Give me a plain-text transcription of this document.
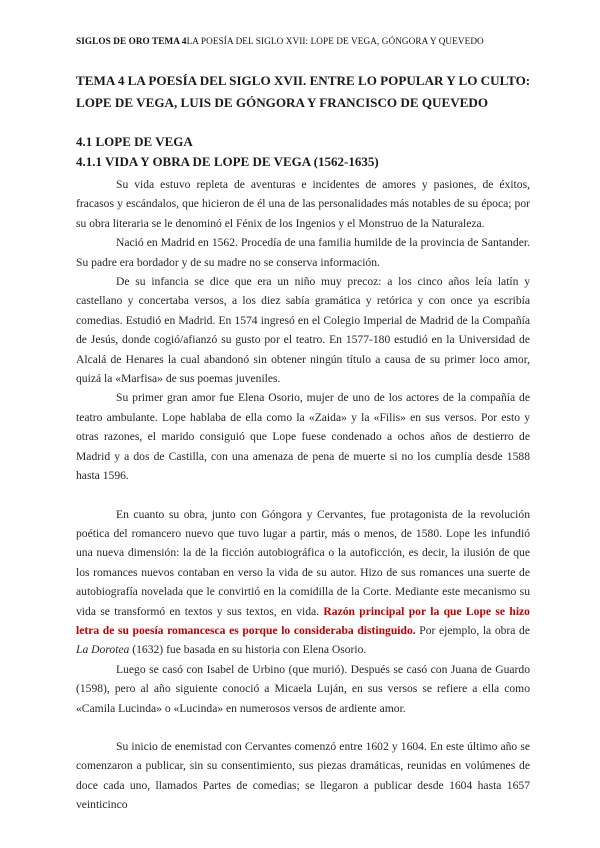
SIGLOS DE ORO TEMA 4LA POESÍA DEL SIGLO XVII: LOPE DE VEGA, GÓNGORA Y QUEVEDO
TEMA 4 LA POESÍA DEL SIGLO XVII. ENTRE LO POPULAR Y LO CULTO: LOPE DE VEGA, LUIS DE GÓNGORA Y FRANCISCO DE QUEVEDO
4.1 LOPE DE VEGA
4.1.1 VIDA Y OBRA DE LOPE DE VEGA (1562-1635)

Su vida estuvo repleta de aventuras e incidentes de amores y pasiones, de éxitos, fracasos y escándalos, que hicieron de él una de las personalidades más notables de su época; por su obra literaria se le denominó el Fénix de los Ingenios y el Monstruo de la Naturaleza.

Nació en Madrid en 1562. Procedía de una familia humilde de la provincia de Santander. Su padre era bordador y de su madre no se conserva información.

De su infancia se dice que era un niño muy precoz: a los cinco años leía latín y castellano y concertaba versos, a los diez sabía gramática y retórica y con once ya escribía comedias. Estudió en Madrid. En 1574 ingresó en el Colegio Imperial de Madrid de la Compañía de Jesús, donde cogió/afianzó su gusto por el teatro. En 1577-180 estudió en la Universidad de Alcalá de Henares la cual abandonó sin obtener ningún título a causa de su primer loco amor, quizá la «Marfisa» de sus poemas juveniles.

Su primer gran amor fue Elena Osorio, mujer de uno de los actores de la compañía de teatro ambulante. Lope hablaba de ella como la «Zaida» y la «Filis» en sus versos. Por esto y otras razones, el marido consiguió que Lope fuese condenado a ochos años de destierro de Madrid y a dos de Castilla, con una amenaza de pena de muerte si no los cumplía desde 1588 hasta 1596.

En cuanto su obra, junto con Góngora y Cervantes, fue protagonista de la revolución poética del romancero nuevo que tuvo lugar a partir, más o menos, de 1580. Lope les infundió una nueva dimensión: la de la ficción autobiográfica o la autoficción, es decir, la ilusión de que los romances nuevos contaban en verso la vida de su autor. Hizo de sus romances una suerte de autobiografía novelada que le convirtió en la comidilla de la Corte. Mediante este mecanismo su vida se transformó en textos y sus textos, en vida. Razón principal por la que Lope se hizo letra de su poesía romancesca es porque lo consideraba distinguido. Por ejemplo, la obra de La Dorotea (1632) fue basada en su historia con Elena Osorio.

Luego se casó con Isabel de Urbino (que murió). Después se casó con Juana de Guardo (1598), pero al año siguiente conoció a Micaela Luján, en sus versos se refiere a ella como «Camila Lucinda» o «Lucinda» en numerosos versos de ardiente amor.

Su inicio de enemistad con Cervantes comenzó entre 1602 y 1604. En este último año se comenzaron a publicar, sin su consentimiento, sus piezas dramáticas, reunidas en volúmenes de doce cada uno, llamados Partes de comedias; se llegaron a publicar desde 1604 hasta 1657 veinticinco
